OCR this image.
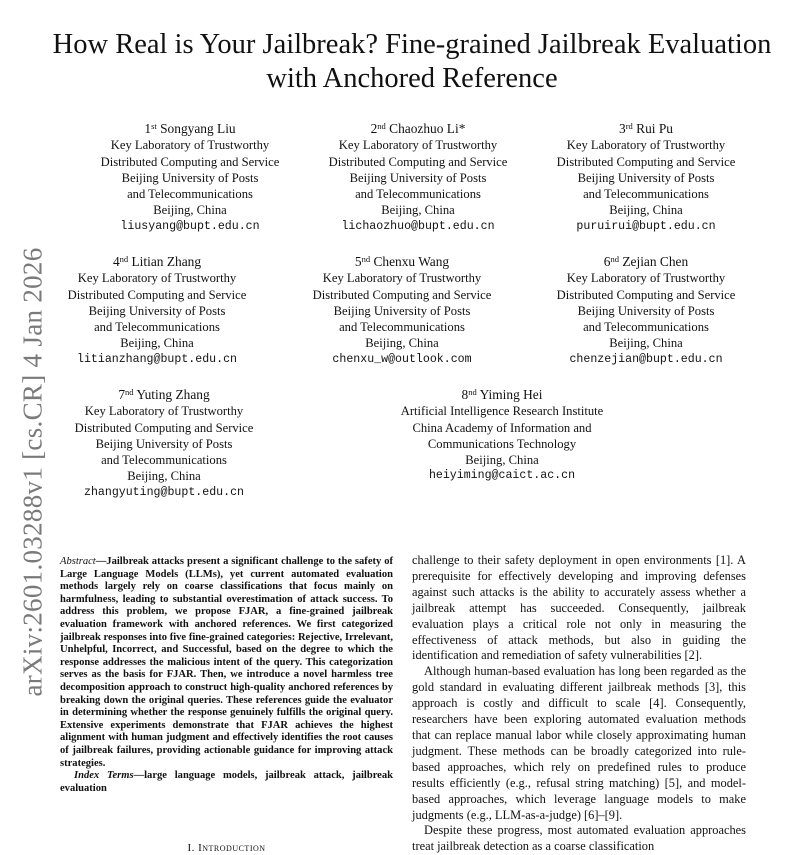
arXiv:2601.03288v1 [cs.CR] 4 Jan 2026
How Real is Your Jailbreak? Fine-grained Jailbreak Evaluation with Anchored Reference
1st Songyang Liu
Key Laboratory of Trustworthy
Distributed Computing and Service
Beijing University of Posts
and Telecommunications
Beijing, China
liusyang@bupt.edu.cn
2nd Chaozhuo Li*
Key Laboratory of Trustworthy
Distributed Computing and Service
Beijing University of Posts
and Telecommunications
Beijing, China
lichaozhuo@bupt.edu.cn
3rd Rui Pu
Key Laboratory of Trustworthy
Distributed Computing and Service
Beijing University of Posts
and Telecommunications
Beijing, China
puruirui@bupt.edu.cn
4nd Litian Zhang
Key Laboratory of Trustworthy
Distributed Computing and Service
Beijing University of Posts
and Telecommunications
Beijing, China
litianzhang@bupt.edu.cn
5nd Chenxu Wang
Key Laboratory of Trustworthy
Distributed Computing and Service
Beijing University of Posts
and Telecommunications
Beijing, China
chenxu_w@outlook.com
6nd Zejian Chen
Key Laboratory of Trustworthy
Distributed Computing and Service
Beijing University of Posts
and Telecommunications
Beijing, China
chenzejian@bupt.edu.cn
7nd Yuting Zhang
Key Laboratory of Trustworthy
Distributed Computing and Service
Beijing University of Posts
and Telecommunications
Beijing, China
zhangyuting@bupt.edu.cn
8nd Yiming Hei
Artificial Intelligence Research Institute
China Academy of Information and
Communications Technology
Beijing, China
heiyiming@caict.ac.cn
Abstract—Jailbreak attacks present a significant challenge to the safety of Large Language Models (LLMs), yet current automated evaluation methods largely rely on coarse classifications that focus mainly on harmfulness, leading to substantial overestimation of attack success. To address this problem, we propose FJAR, a fine-grained jailbreak evaluation framework with anchored references. We first categorized jailbreak responses into five fine-grained categories: Rejective, Irrelevant, Unhelpful, Incorrect, and Successful, based on the degree to which the response addresses the malicious intent of the query. This categorization serves as the basis for FJAR. Then, we introduce a novel harmless tree decomposition approach to construct high-quality anchored references by breaking down the original queries. These references guide the evaluator in determining whether the response genuinely fulfills the original query. Extensive experiments demonstrate that FJAR achieves the highest alignment with human judgment and effectively identifies the root causes of jailbreak failures, providing actionable guidance for improving attack strategies.
Index Terms—large language models, jailbreak attack, jailbreak evaluation
I. Introduction

challenge to their safety deployment in open environments [1]. A prerequisite for effectively developing and improving defenses against such attacks is the ability to accurately assess whether a jailbreak attempt has succeeded. Consequently, jailbreak evaluation plays a critical role not only in measuring the effectiveness of attack methods, but also in guiding the identification and remediation of safety vulnerabilities [2].

Although human-based evaluation has long been regarded as the gold standard in evaluating different jailbreak methods [3], this approach is costly and difficult to scale [4]. Consequently, researchers have been exploring automated evaluation methods that can replace manual labor while closely approximating human judgment. These methods can be broadly categorized into rule-based approaches, which rely on predefined rules to produce results efficiently (e.g., refusal string matching) [5], and model-based approaches, which leverage language models to make judgments (e.g., LLM-as-a-judge) [6]–[9].

Despite these progress, most automated evaluation approaches treat jailbreak detection as a coarse classification
